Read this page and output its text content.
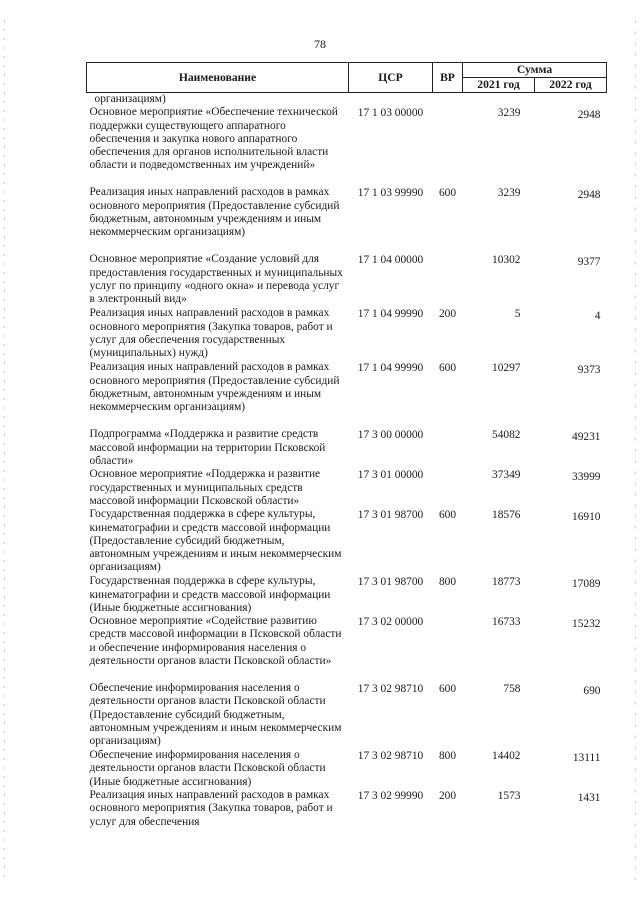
78
Наименование	ЦСР	ВР	Сумма	
			2021 год	2022 год
организациям)				
Основное мероприятие «Обеспечение технической поддержки существующего аппаратного обеспечения и закупка нового аппаратного обеспечения для органов исполнительной власти области и подведомственных им учреждений»	17 1 03 00000		3239	2948
Реализация иных направлений расходов в рамках основного мероприятия (Предоставление субсидий бюджетным, автономным учреждениям и иным некоммерческим организациям)	17 1 03 99990	600	3239	2948
Основное мероприятие «Создание условий для предоставления государственных и муниципальных услуг по принципу «одного окна» и перевода услуг в электронный вид»	17 1 04 00000		10302	9377
Реализация иных направлений расходов в рамках основного мероприятия (Закупка товаров, работ и услуг для обеспечения государственных (муниципальных) нужд)	17 1 04 99990	200	5	4
Реализация иных направлений расходов в рамках основного мероприятия (Предоставление субсидий бюджетным, автономным учреждениям и иным некоммерческим организациям)	17 1 04 99990	600	10297	9373
Подпрограмма «Поддержка и развитие средств массовой информации на территории Псковской области»	17 3 00 00000		54082	49231
Основное мероприятие «Поддержка и развитие государственных и муниципальных средств массовой информации Псковской области»	17 3 01 00000		37349	33999
Государственная поддержка в сфере культуры, кинематографии и средств массовой информации (Предоставление субсидий бюджетным, автономным учреждениям и иным некоммерческим организациям)	17 3 01 98700	600	18576	16910
Государственная поддержка в сфере культуры, кинематографии и средств массовой информации (Иные бюджетные ассигнования)	17 3 01 98700	800	18773	17089
Основное мероприятие «Содействие развитию средств массовой информации в Псковской области и обеспечение информирования населения о деятельности органов власти Псковской области»	17 3 02 00000		16733	15232
Обеспечение информирования населения о деятельности органов власти Псковской области (Предоставление субсидий бюджетным, автономным учреждениям и иным некоммерческим организациям)	17 3 02 98710	600	758	690
Обеспечение информирования населения о деятельности органов власти Псковской области (Иные бюджетные ассигнования)	17 3 02 98710	800	14402	13111
Реализация иных направлений расходов в рамках основного мероприятия (Закупка товаров, работ и услуг для обеспечения	17 3 02 99990	200	1573	1431
